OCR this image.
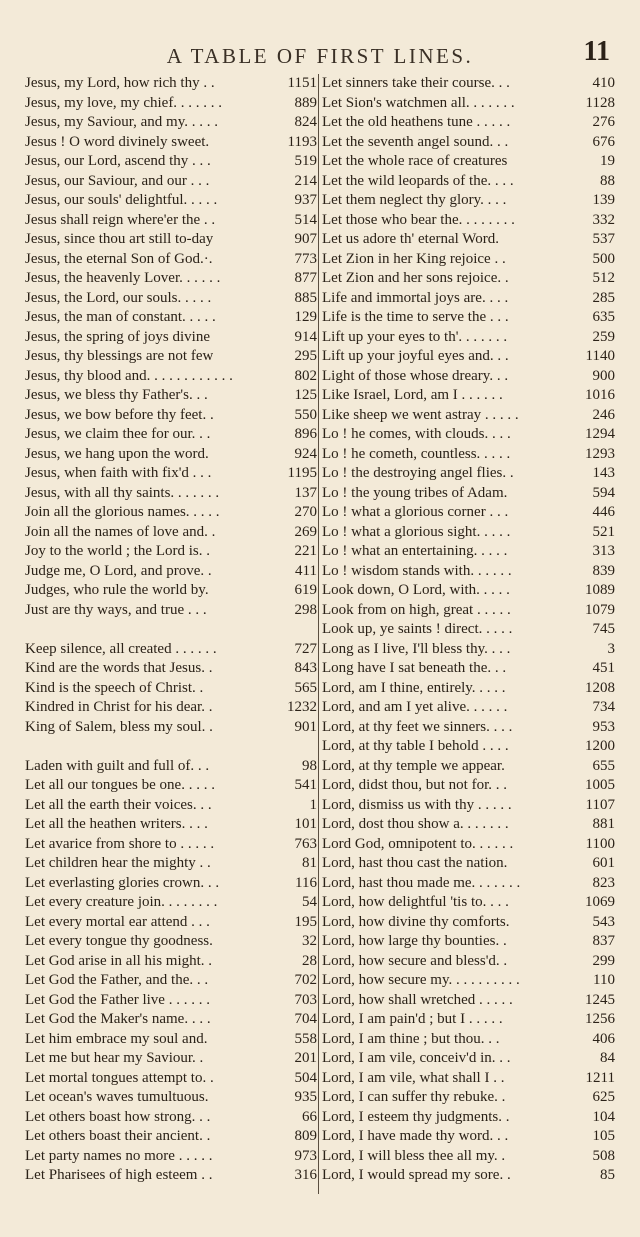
A TABLE OF FIRST LINES.	11
Jesus, my Lord, how rich thy . .	1151
Jesus, my love, my chief. . . . . . .	889
Jesus, my Saviour, and my. . . . .	824
Jesus ! O word divinely sweet.	1193
Jesus, our Lord, ascend thy . . .	519
Jesus, our Saviour, and our . . .	214
Jesus, our souls' delightful. . . . .	937
Jesus shall reign where'er the . .	514
Jesus, since thou art still to-day	907
Jesus, the eternal Son of God.·.	773
Jesus, the heavenly Lover. . . . . .	877
Jesus, the Lord, our souls. . . . .	885
Jesus, the man of constant. . . . .	129
Jesus, the spring of joys divine	914
Jesus, thy blessings are not few	295
Jesus, thy blood and. . . . . . . . . . . .	802
Jesus, we bless thy Father's. . .	125
Jesus, we bow before thy feet. .	550
Jesus, we claim thee for our. . .	896
Jesus, we hang upon the word.	924
Jesus, when faith with fix'd . . .	1195
Jesus, with all thy saints. . . . . . .	137
Join all the glorious names. . . . .	270
Join all the names of love and. .	269
Joy to the world ; the Lord is. .	221
Judge me, O Lord, and prove. .	411
Judges, who rule the world by.	619
Just are thy ways, and true . . .	298
Keep silence, all created . . . . . .	727
Kind are the words that Jesus. .	843
Kind is the speech of Christ. .	565
Kindred in Christ for his dear. .	1232
King of Salem, bless my soul. .	901
Laden with guilt and full of. . .	98
Let all our tongues be one. . . . .	541
Let all the earth their voices. . .	1
Let all the heathen writers. . . .	101
Let avarice from shore to . . . . .	763
Let children hear the mighty . .	81
Let everlasting glories crown. . .	116
Let every creature join. . . . . . . .	54
Let every mortal ear attend . . .	195
Let every tongue thy goodness.	32
Let God arise in all his might. .	28
Let God the Father, and the. . .	702
Let God the Father live . . . . . .	703
Let God the Maker's name. . . .	704
Let him embrace my soul and.	558
Let me but hear my Saviour. .	201
Let mortal tongues attempt to. .	504
Let ocean's waves tumultuous.	935
Let others boast how strong. . .	66
Let others boast their ancient. .	809
Let party names no more . . . . .	973
Let Pharisees of high esteem . .	316
Let sinners take their course. . .	410
Let Sion's watchmen all. . . . . . .	1128
Let the old heathens tune . . . . .	276
Let the seventh angel sound. . .	676
Let the whole race of creatures	19
Let the wild leopards of the. . . .	88
Let them neglect thy glory. . . .	139
Let those who bear the. . . . . . . .	332
Let us adore th' eternal Word.	537
Let Zion in her King rejoice . .	500
Let Zion and her sons rejoice. .	512
Life and immortal joys are. . . .	285
Life is the time to serve the . . .	635
Lift up your eyes to th'. . . . . . .	259
Lift up your joyful eyes and. . .	1140
Light of those whose dreary. . .	900
Like Israel, Lord, am I . . . . . .	1016
Like sheep we went astray . . . . .	246
Lo ! he comes, with clouds. . . .	1294
Lo ! he cometh, countless. . . . .	1293
Lo ! the destroying angel flies. .	143
Lo ! the young tribes of Adam.	594
Lo ! what a glorious corner . . .	446
Lo ! what a glorious sight. . . . .	521
Lo ! what an entertaining. . . . .	313
Lo ! wisdom stands with. . . . . .	839
Look down, O Lord, with. . . . .	1089
Look from on high, great . . . . .	1079
Look up, ye saints ! direct. . . . .	745
Long as I live, I'll bless thy. . . .	3
Long have I sat beneath the. . .	451
Lord, am I thine, entirely. . . . .	1208
Lord, and am I yet alive. . . . . .	734
Lord, at thy feet we sinners. . . .	953
Lord, at thy table I behold . . . .	1200
Lord, at thy temple we appear.	655
Lord, didst thou, but not for. . .	1005
Lord, dismiss us with thy . . . . .	1107
Lord, dost thou show a. . . . . . .	881
Lord God, omnipotent to. . . . . .	1100
Lord, hast thou cast the nation.	601
Lord, hast thou made me. . . . . . .	823
Lord, how delightful 'tis to. . . .	1069
Lord, how divine thy comforts.	543
Lord, how large thy bounties. .	837
Lord, how secure and bless'd. .	299
Lord, how secure my. . . . . . . . . .	110
Lord, how shall wretched . . . . .	1245
Lord, I am pain'd ; but I . . . . .	1256
Lord, I am thine ; but thou. . .	406
Lord, I am vile, conceiv'd in. . .	84
Lord, I am vile, what shall I . .	1211
Lord, I can suffer thy rebuke. .	625
Lord, I esteem thy judgments. .	104
Lord, I have made thy word. . .	105
Lord, I will bless thee all my. .	508
Lord, I would spread my sore. .	85
